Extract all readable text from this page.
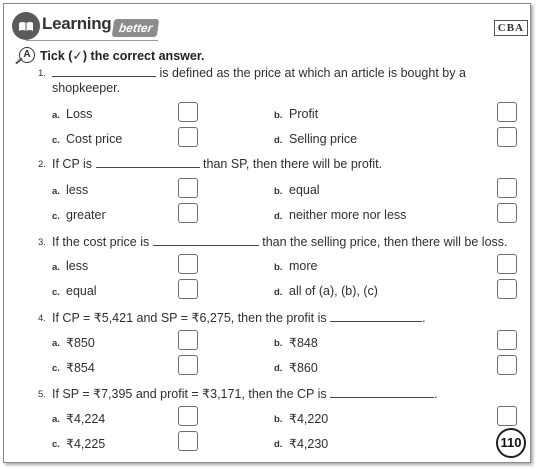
Learning better	CBA
A Tick (✓) the correct answer.
1.	is defined as the price at which an article is bought by a
shopkeeper.
a. Loss	b. Profit
c. Cost price	d. Selling price
2. If CP is	than SP, then there will be profit.
a. less	b. equal
c. greater	d. neither more nor less
3. If the cost price is	than the selling price, then there will be loss.
a. less	b. more
c. equal	d. all of (a), (b), (c)
4. If CP = ₹5,421 and SP = ₹6,275, then the profit is	.
a. ₹850	b. ₹848
c. ₹854	d. ₹860
5. If SP = ₹7,395 and profit = ₹3,171, then the CP is	.
a. ₹4,224	b. ₹4,220
c. ₹4,225	d. ₹4,230	110
